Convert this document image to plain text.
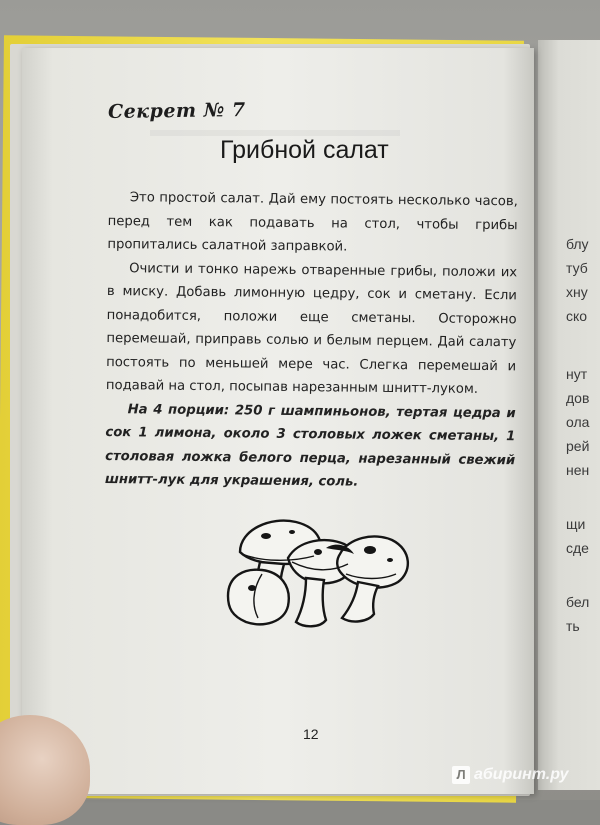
блу
туб
хну
ско
нут
дов
ола
рей
нен
щи
сде
бел
ть
Секрет № 7
Грибной салат

Это простой салат. Дай ему постоять несколько часов, перед тем как подавать на стол, чтобы грибы пропитались салатной заправкой.

Очисти и тонко нарежь отваренные грибы, положи их в миску. Добавь лимонную цедру, сок и сметану. Если понадобится, положи еще сметаны. Осторожно перемешай, приправь солью и белым перцем. Дай салату постоять по меньшей мере час. Слегка перемешай и подавай на стол, посыпав нарезанным шнитт-луком.

На 4 порции: 250 г шампиньонов, тертая цедра и сок 1 лимона, около 3 столовых ложек сметаны, 1 столовая ложка белого перца, нарезанный свежий шнитт-лук для украшения, соль.

12
Л абиринт.ру
